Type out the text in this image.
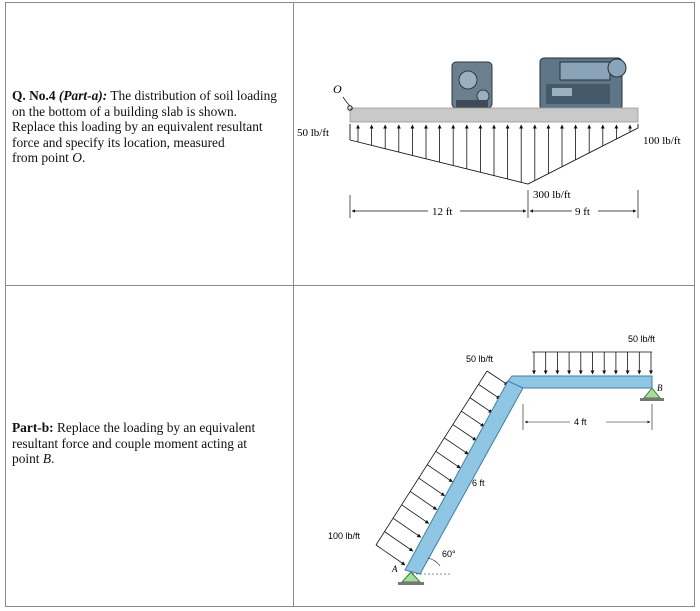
Q. No.4 (Part-a): The distribution of soil loading on the bottom of a building slab is shown. Replace this loading by an equivalent resultant force and specify its location, measured
from point O.
Part-b: Replace the loading by an equivalent resultant force and couple moment acting at point B.
O
50 lb/ft
100 lb/ft
300 lb/ft
12 ft	9 ft
B
A
50 lb/ft
50 lb/ft
100 lb/ft
6 ft
4 ft
60°
